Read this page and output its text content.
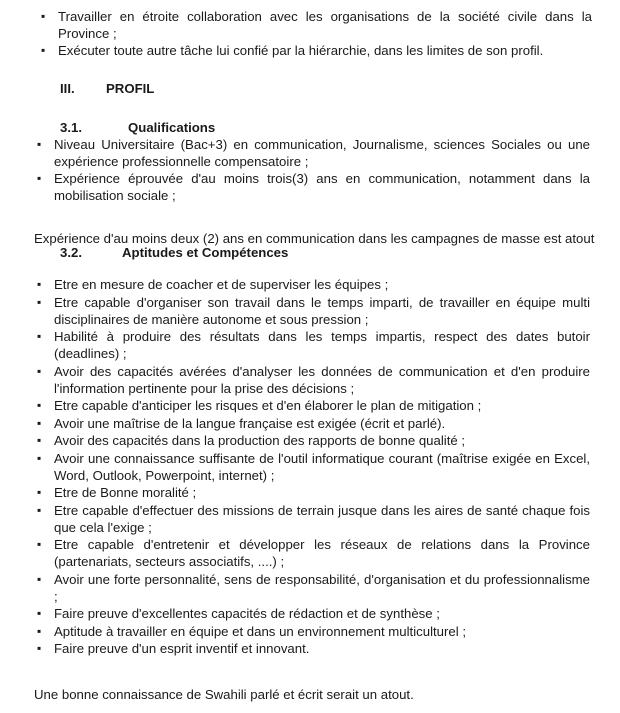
▪ Travailler en étroite collaboration avec les organisations de la société civile dans la Province ;
▪ Exécuter toute autre tâche lui confié par la hiérarchie, dans les limites de son profil.
III. PROFIL
3.1.	Qualifications
▪ Niveau Universitaire (Bac+3) en communication, Journalisme, sciences Sociales ou une expérience professionnelle compensatoire ;
▪ Expérience éprouvée d'au moins trois(3) ans en communication, notamment dans la mobilisation sociale ;
Expérience d'au moins deux (2) ans en communication dans les campagnes de masse est atout
3.2.	Aptitudes et Compétences
▪ Etre en mesure de coacher et de superviser les équipes ;
▪ Etre capable d'organiser son travail dans le temps imparti, de travailler en équipe multi disciplinaires de manière autonome et sous pression ;
▪ Habilité à produire des résultats dans les temps impartis, respect des dates butoir (deadlines) ;
▪ Avoir des capacités avérées d'analyser les données de communication et d'en produire l'information pertinente pour la prise des décisions ;
▪ Etre capable d'anticiper les risques et d'en élaborer le plan de mitigation ;
▪ Avoir une maîtrise de la langue française est exigée (écrit et parlé).
▪ Avoir des capacités dans la production des rapports de bonne qualité ;
▪ Avoir une connaissance suffisante de l'outil informatique courant (maîtrise exigée en Excel, Word, Outlook, Powerpoint, internet) ;
▪ Etre de Bonne moralité ;
▪ Etre capable d'effectuer des missions de terrain jusque dans les aires de santé chaque fois que cela l'exige ;
▪ Etre capable d'entretenir et développer les réseaux de relations dans la Province (partenariats, secteurs associatifs, ....) ;
▪ Avoir une forte personnalité, sens de responsabilité, d'organisation et du professionnalisme ;
▪ Faire preuve d'excellentes capacités de rédaction et de synthèse ;
▪ Aptitude à travailler en équipe et dans un environnement multiculturel ;
▪ Faire preuve d'un esprit inventif et innovant.
Une bonne connaissance de Swahili parlé et écrit serait un atout.
